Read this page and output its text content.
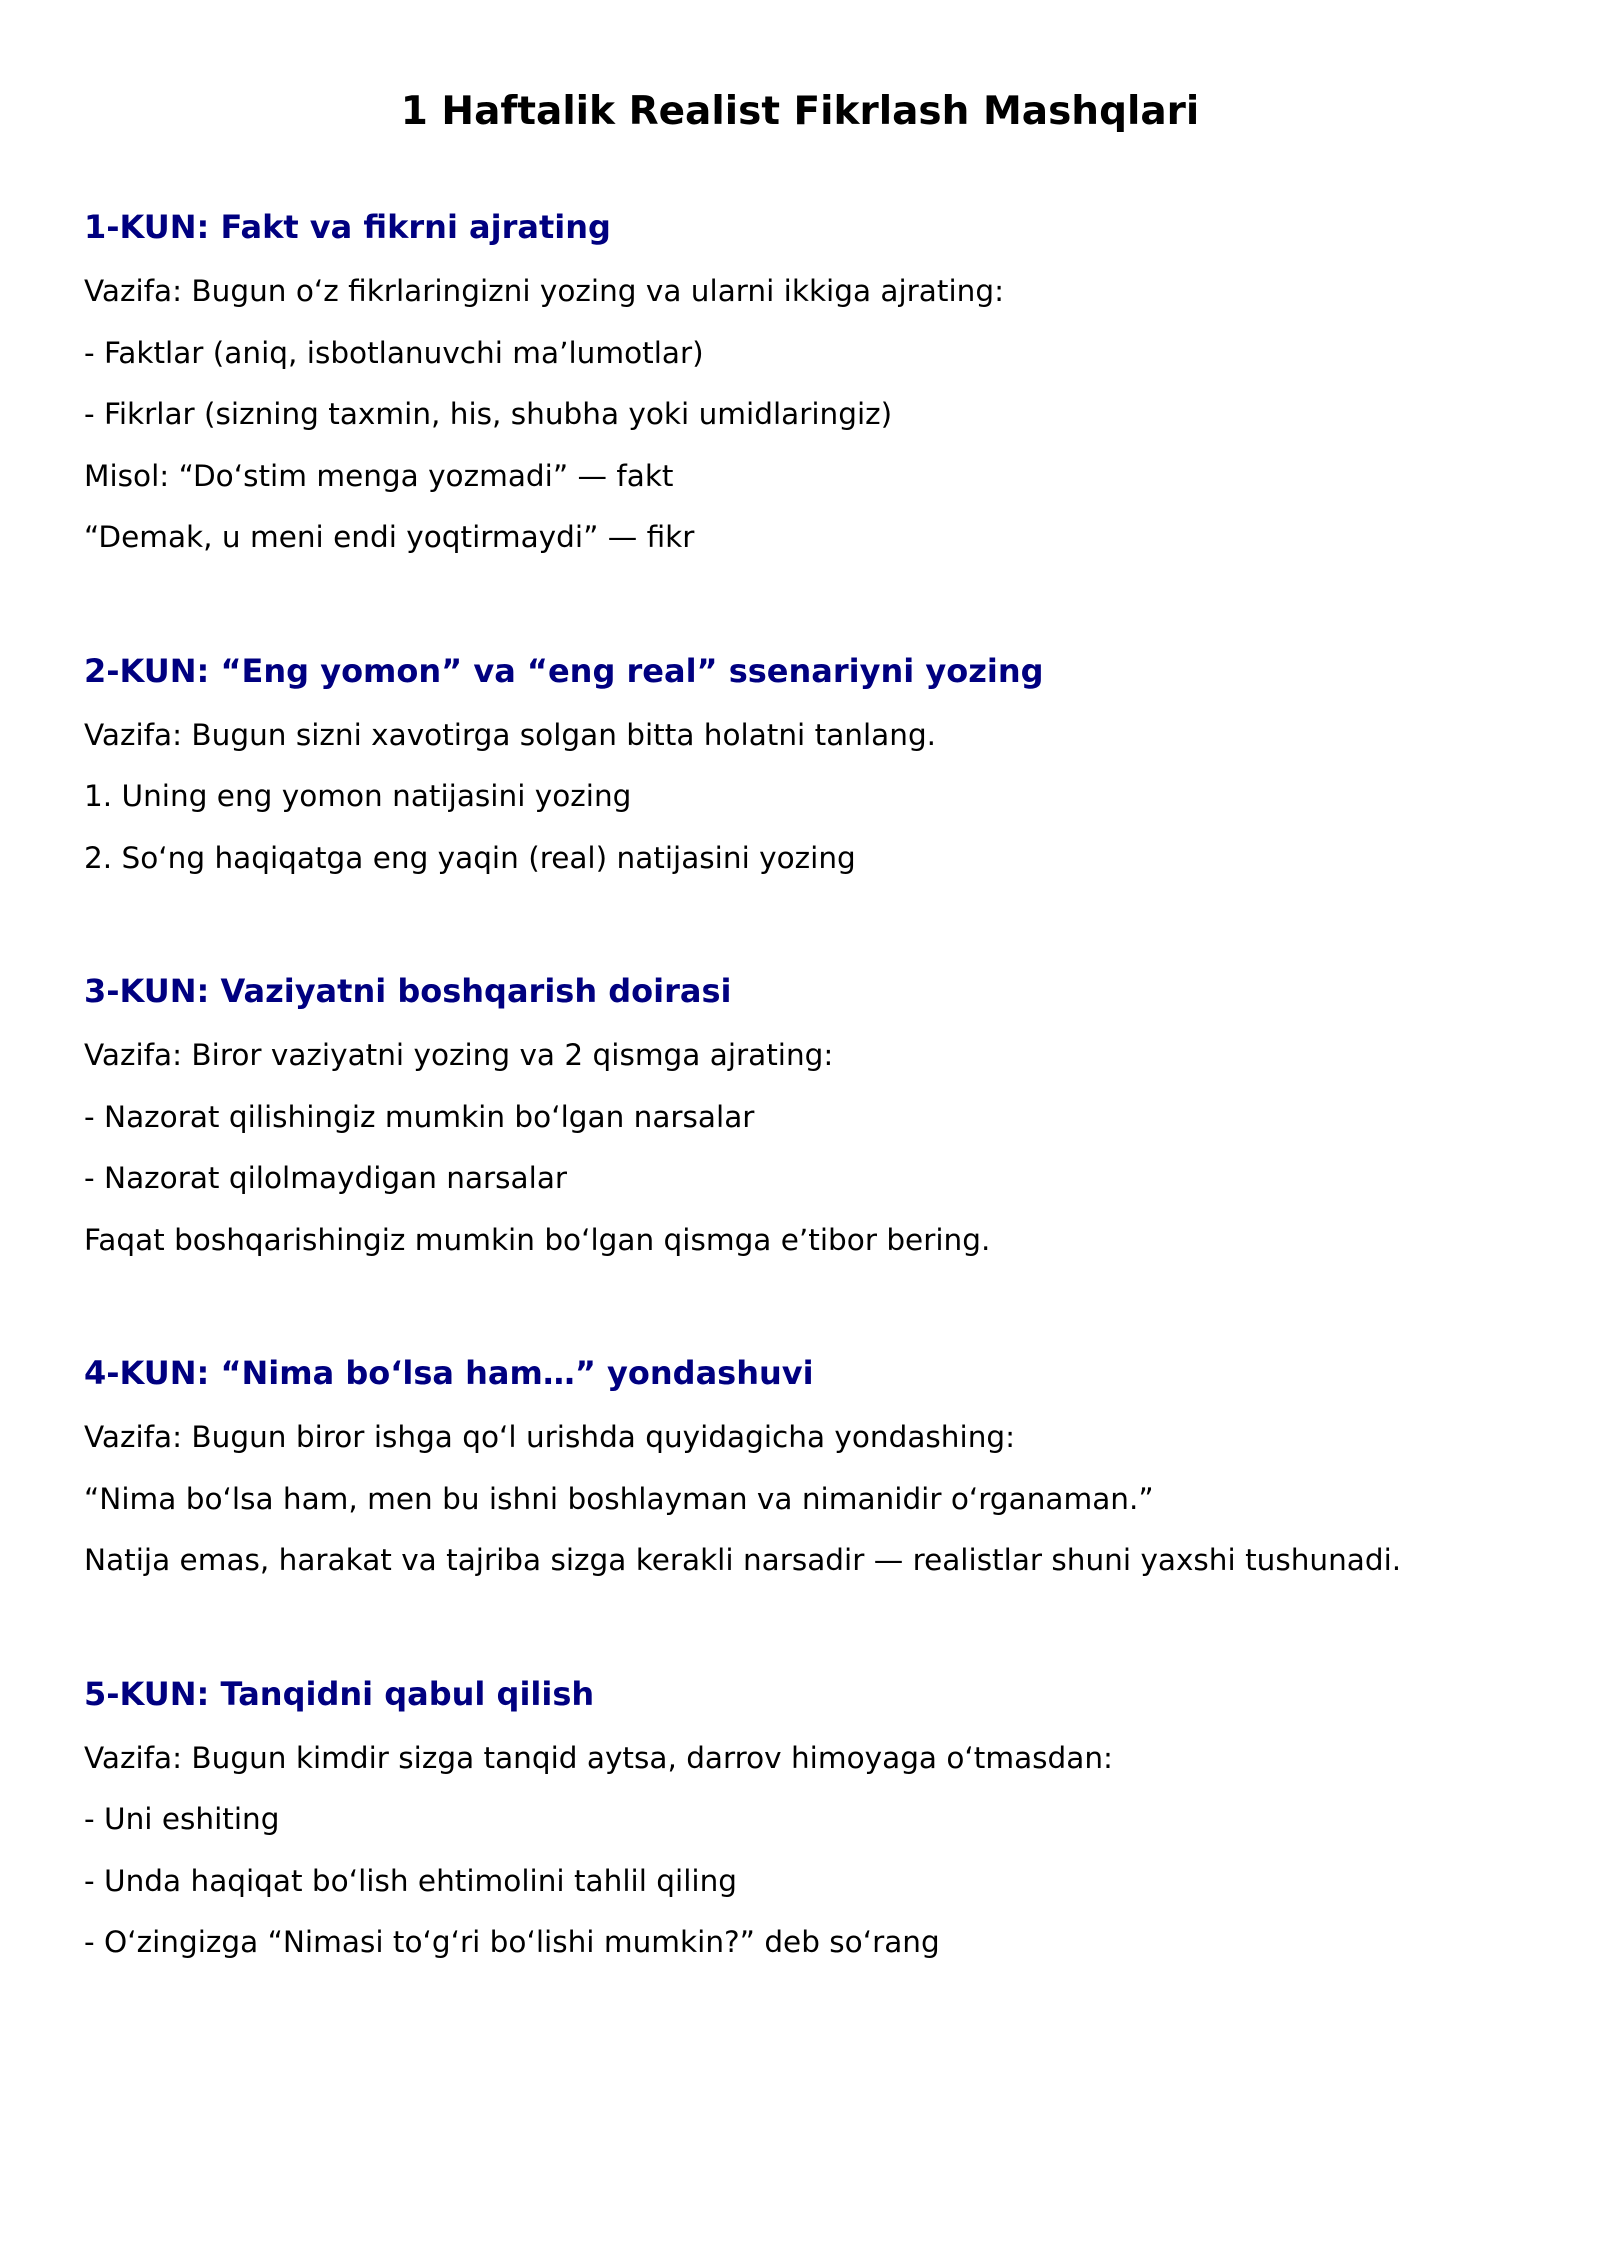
1 Haftalik Realist Fikrlash Mashqlari
1-KUN: Fakt va fikrni ajrating

Vazifa: Bugun o‘z fikrlaringizni yozing va ularni ikkiga ajrating:

- Faktlar (aniq, isbotlanuvchi ma’lumotlar)

- Fikrlar (sizning taxmin, his, shubha yoki umidlaringiz)

Misol: “Do‘stim menga yozmadi” — fakt

“Demak, u meni endi yoqtirmaydi” — fikr

2-KUN: “Eng yomon” va “eng real” ssenariyni yozing

Vazifa: Bugun sizni xavotirga solgan bitta holatni tanlang.

1. Uning eng yomon natijasini yozing

2. So‘ng haqiqatga eng yaqin (real) natijasini yozing

3-KUN: Vaziyatni boshqarish doirasi

Vazifa: Biror vaziyatni yozing va 2 qismga ajrating:

- Nazorat qilishingiz mumkin bo‘lgan narsalar

- Nazorat qilolmaydigan narsalar

Faqat boshqarishingiz mumkin bo‘lgan qismga e’tibor bering.

4-KUN: “Nima bo‘lsa ham…” yondashuvi

Vazifa: Bugun biror ishga qo‘l urishda quyidagicha yondashing:

“Nima bo‘lsa ham, men bu ishni boshlayman va nimanidir o‘rganaman.”

Natija emas, harakat va tajriba sizga kerakli narsadir — realistlar shuni yaxshi tushunadi.

5-KUN: Tanqidni qabul qilish

Vazifa: Bugun kimdir sizga tanqid aytsa, darrov himoyaga o‘tmasdan:

- Uni eshiting

- Unda haqiqat bo‘lish ehtimolini tahlil qiling

- O‘zingizga “Nimasi to‘g‘ri bo‘lishi mumkin?” deb so‘rang
